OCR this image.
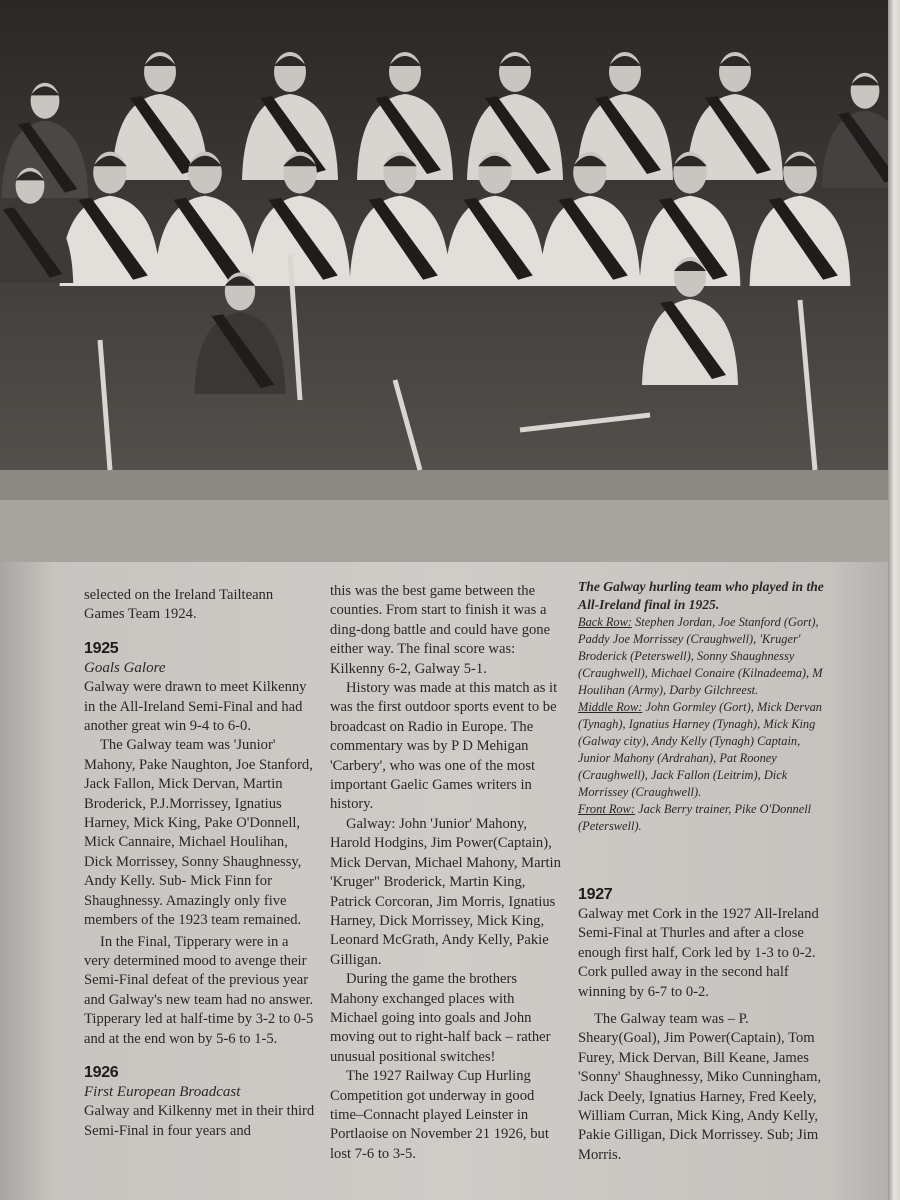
selected on the Ireland Tailteann Games Team 1924.

1925

Goals Galore

Galway were drawn to meet Kilkenny in the All-Ireland Semi-Final and had another great win 9-4 to 6-0.

The Galway team was 'Junior' Mahony, Pake Naughton, Joe Stanford, Jack Fallon, Mick Dervan, Martin Broderick, P.J.Morrissey, Ignatius Harney, Mick King, Pake O'Donnell, Mick Cannaire, Michael Houlihan, Dick Morrissey, Sonny Shaughnessy, Andy Kelly. Sub- Mick Finn for Shaughnessy. Amazingly only five members of the 1923 team remained.

In the Final, Tipperary were in a very determined mood to avenge their Semi-Final defeat of the previous year and Galway's new team had no answer. Tipperary led at half-time by 3-2 to 0-5 and at the end won by 5-6 to 1-5.

1926

First European Broadcast

Galway and Kilkenny met in their third Semi-Final in four years and

this was the best game between the counties. From start to finish it was a ding-dong battle and could have gone either way. The final score was: Kilkenny 6-2, Galway 5-1.

History was made at this match as it was the first outdoor sports event to be broadcast on Radio in Europe. The commentary was by P D Mehigan 'Carbery', who was one of the most important Gaelic Games writers in history.

Galway: John 'Junior' Mahony, Harold Hodgins, Jim Power(Captain), Mick Dervan, Michael Mahony, Martin 'Kruger" Broderick, Martin King, Patrick Corcoran, Jim Morris, Ignatius Harney, Dick Morrissey, Mick King, Leonard McGrath, Andy Kelly, Pakie Gilligan.

During the game the brothers Mahony exchanged places with Michael going into goals and John moving out to right-half back – rather unusual positional switches!

The 1927 Railway Cup Hurling Competition got underway in good time–Connacht played Leinster in Portlaoise on November 21 1926, but lost 7-6 to 3-5.

The Galway hurling team who played in the All-Ireland final in 1925.

Back Row: Stephen Jordan, Joe Stanford (Gort), Paddy Joe Morrissey (Craughwell), 'Kruger' Broderick (Peterswell), Sonny Shaughnessy (Craughwell), Michael Conaire (Kilnadeema), M Houlihan (Army), Darby Gilchreest.

Middle Row: John Gormley (Gort), Mick Dervan (Tynagh), Ignatius Harney (Tynagh), Mick King (Galway city), Andy Kelly (Tynagh) Captain, Junior Mahony (Ardrahan), Pat Rooney (Craughwell), Jack Fallon (Leitrim), Dick Morrissey (Craughwell).

Front Row: Jack Berry trainer, Pike O'Donnell (Peterswell).

1927

Galway met Cork in the 1927 All-Ireland Semi-Final at Thurles and after a close enough first half, Cork led by 1-3 to 0-2. Cork pulled away in the second half winning by 6-7 to 0-2.

The Galway team was – P. Sheary(Goal), Jim Power(Captain), Tom Furey, Mick Dervan, Bill Keane, James 'Sonny' Shaughnessy, Miko Cunningham, Jack Deely, Ignatius Harney, Fred Keely, William Curran, Mick King, Andy Kelly, Pakie Gilligan, Dick Morrissey. Sub; Jim Morris.
